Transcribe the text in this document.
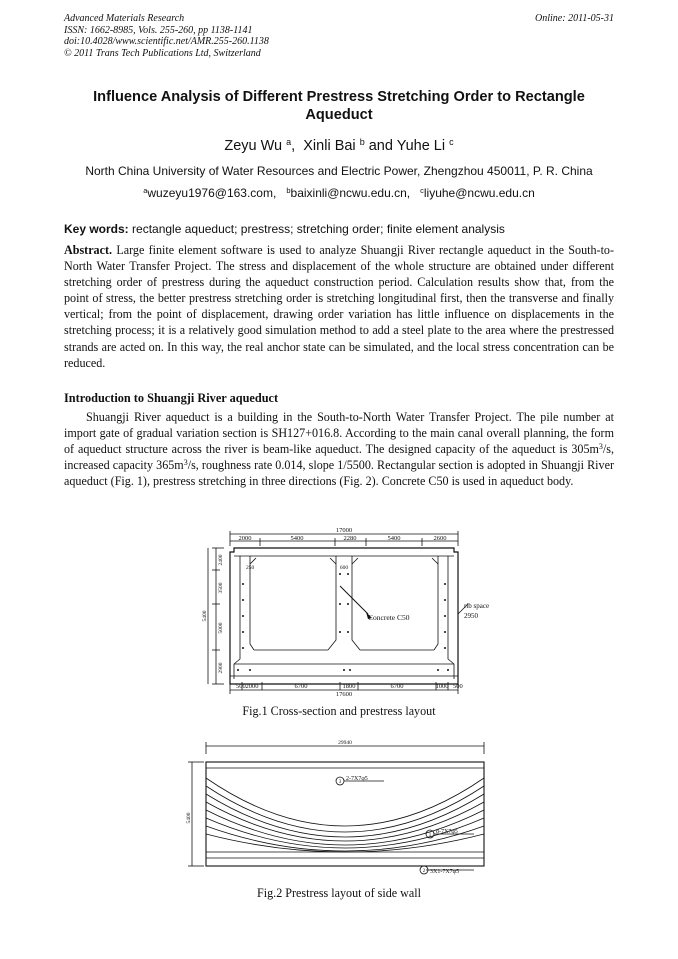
Advanced Materials Research
ISSN: 1662-8985, Vols. 255-260, pp 1138-1141
doi:10.4028/www.scientific.net/AMR.255-260.1138
© 2011 Trans Tech Publications Ltd, Switzerland
Online: 2011-05-31
Influence Analysis of Different Prestress Stretching Order to Rectangle Aqueduct
Zeyu Wu $^a$,  Xinli Bai $^b$ and Yuhe Li $^c$
North China University of Water Resources and Electric Power, Zhengzhou 450011, P. R. China
$^a$wuzeyu1976@163.com, $^b$baixinli@ncwu.edu.cn, $^c$liyuhe@ncwu.edu.cn
Key words: rectangle aqueduct; prestress; stretching order; finite element analysis
Abstract. Large finite element software is used to analyze Shuangji River rectangle aqueduct in the South-to-North Water Transfer Project. The stress and displacement of the whole structure are obtained under different stretching order of prestress during the aqueduct construction period. Calculation results show that, from the point of stress, the better prestress stretching order is stretching longitudinal first, then the transverse and finally vertical; from the point of displacement, drawing order variation has little influence on displacements in the stretching process; it is a relatively good simulation method to add a steel plate to the area where the prestressed strands are acted on. In this way, the real anchor state can be simulated, and the local stress concentration can be reduced.
Introduction to Shuangji River aqueduct
Shuangji River aqueduct is a building in the South-to-North Water Transfer Project. The pile number at import gate of gradual variation section is SH127+016.8. According to the main canal overall planning, the form of aqueduct structure across the river is beam-like aqueduct. The designed capacity of the aqueduct is $305m^3/s$, increased capacity $365m^3/s$, roughness rate 0.014, slope 1/5500. Rectangular section is adopted in Shuangji River aqueduct (Fig. 1), prestress stretching in three directions (Fig. 2). Concrete C50 is used in aqueduct body.
17000
2000	5400	2280	5400	2600
500 2000	6700	1800	6700	1000 500
17600
Concrete C50
rib space
2950
600
250
2400
3500
5000
2900
5400
Fig.1 Cross-section and prestress layout
29940
5400
3
2-7X7φ5
1
8-7X7φ5
2 3X1-7X7φ5
Fig.2 Prestress layout of side wall
